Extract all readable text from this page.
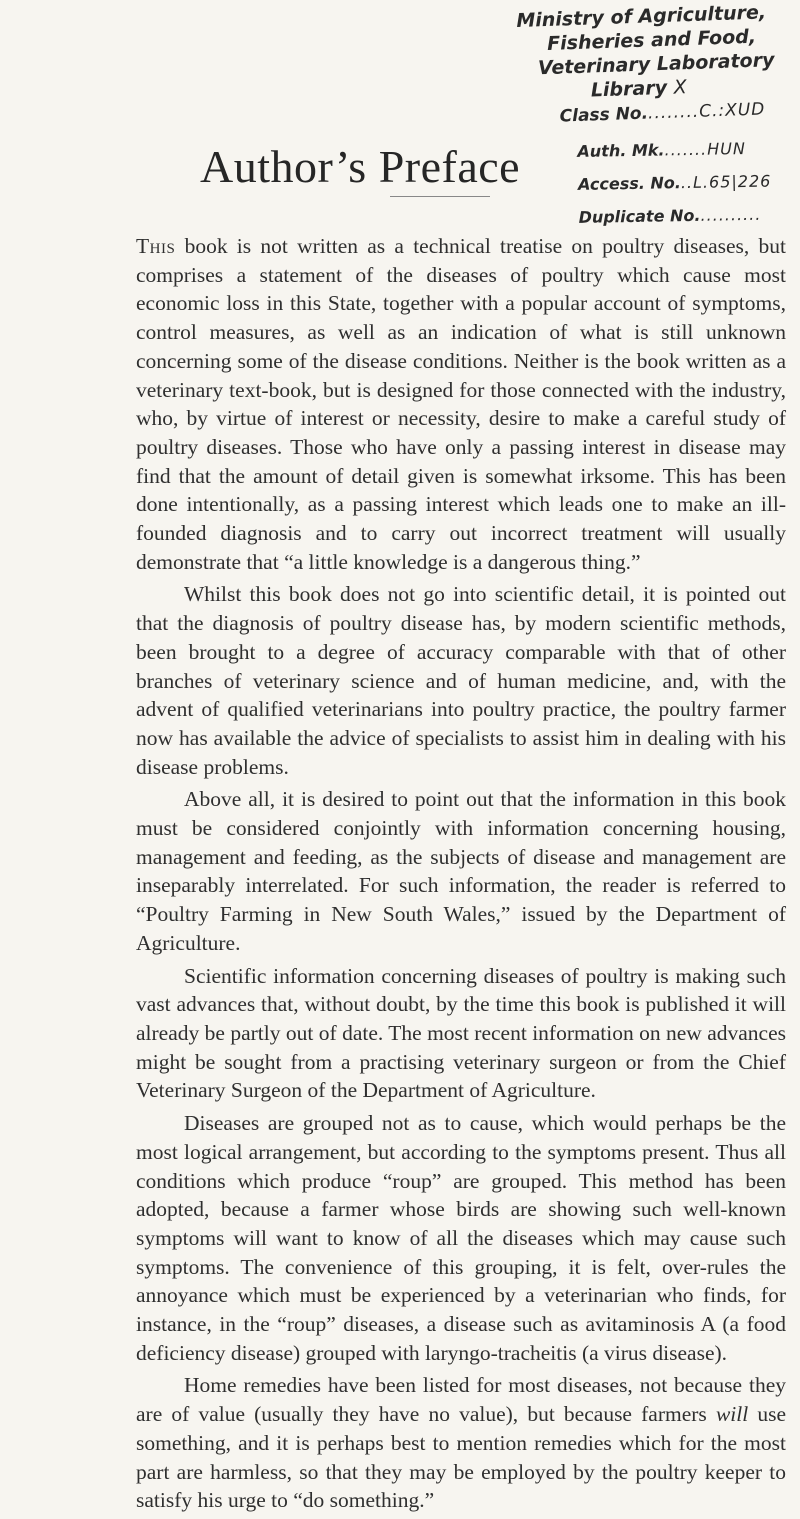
Ministry of Agriculture,
Fisheries and Food,
Veterinary Laboratory
Library X
Class No.........C.:XUD
Author’s Preface	Auth. Mk........HUN
Access. No...L.65|226
Duplicate No...........

This book is not written as a technical treatise on poultry diseases, but comprises a statement of the diseases of poultry which cause most economic loss in this State, together with a popular account of symptoms, control measures, as well as an indication of what is still unknown concerning some of the disease conditions. Neither is the book written as a veterinary text-book, but is designed for those connected with the industry, who, by virtue of interest or necessity, desire to make a careful study of poultry diseases. Those who have only a passing interest in disease may find that the amount of detail given is somewhat irksome. This has been done intentionally, as a passing interest which leads one to make an ill-founded diagnosis and to carry out incorrect treatment will usually demonstrate that “a little knowledge is a dangerous thing.”

Whilst this book does not go into scientific detail, it is pointed out that the diagnosis of poultry disease has, by modern scientific methods, been brought to a degree of accuracy comparable with that of other branches of veterinary science and of human medicine, and, with the advent of qualified veterinarians into poultry practice, the poultry farmer now has available the advice of specialists to assist him in dealing with his disease problems.

Above all, it is desired to point out that the information in this book must be considered conjointly with information concerning housing, management and feeding, as the subjects of disease and management are inseparably interrelated. For such information, the reader is referred to “Poultry Farming in New South Wales,” issued by the Department of Agriculture.

Scientific information concerning diseases of poultry is making such vast advances that, without doubt, by the time this book is published it will already be partly out of date. The most recent information on new advances might be sought from a practising veterinary surgeon or from the Chief Veterinary Surgeon of the Department of Agriculture.

Diseases are grouped not as to cause, which would perhaps be the most logical arrangement, but according to the symptoms present. Thus all conditions which produce “roup” are grouped. This method has been adopted, because a farmer whose birds are showing such well-known symptoms will want to know of all the diseases which may cause such symptoms. The convenience of this grouping, it is felt, over-rules the annoyance which must be experienced by a veterinarian who finds, for instance, in the “roup” diseases, a disease such as avitaminosis A (a food deficiency disease) grouped with laryngo-tracheitis (a virus disease).

Home remedies have been listed for most diseases, not because they are of value (usually they have no value), but because farmers will use something, and it is perhaps best to mention remedies which for the most part are harmless, so that they may be employed by the poultry keeper to satisfy his urge to “do something.”
